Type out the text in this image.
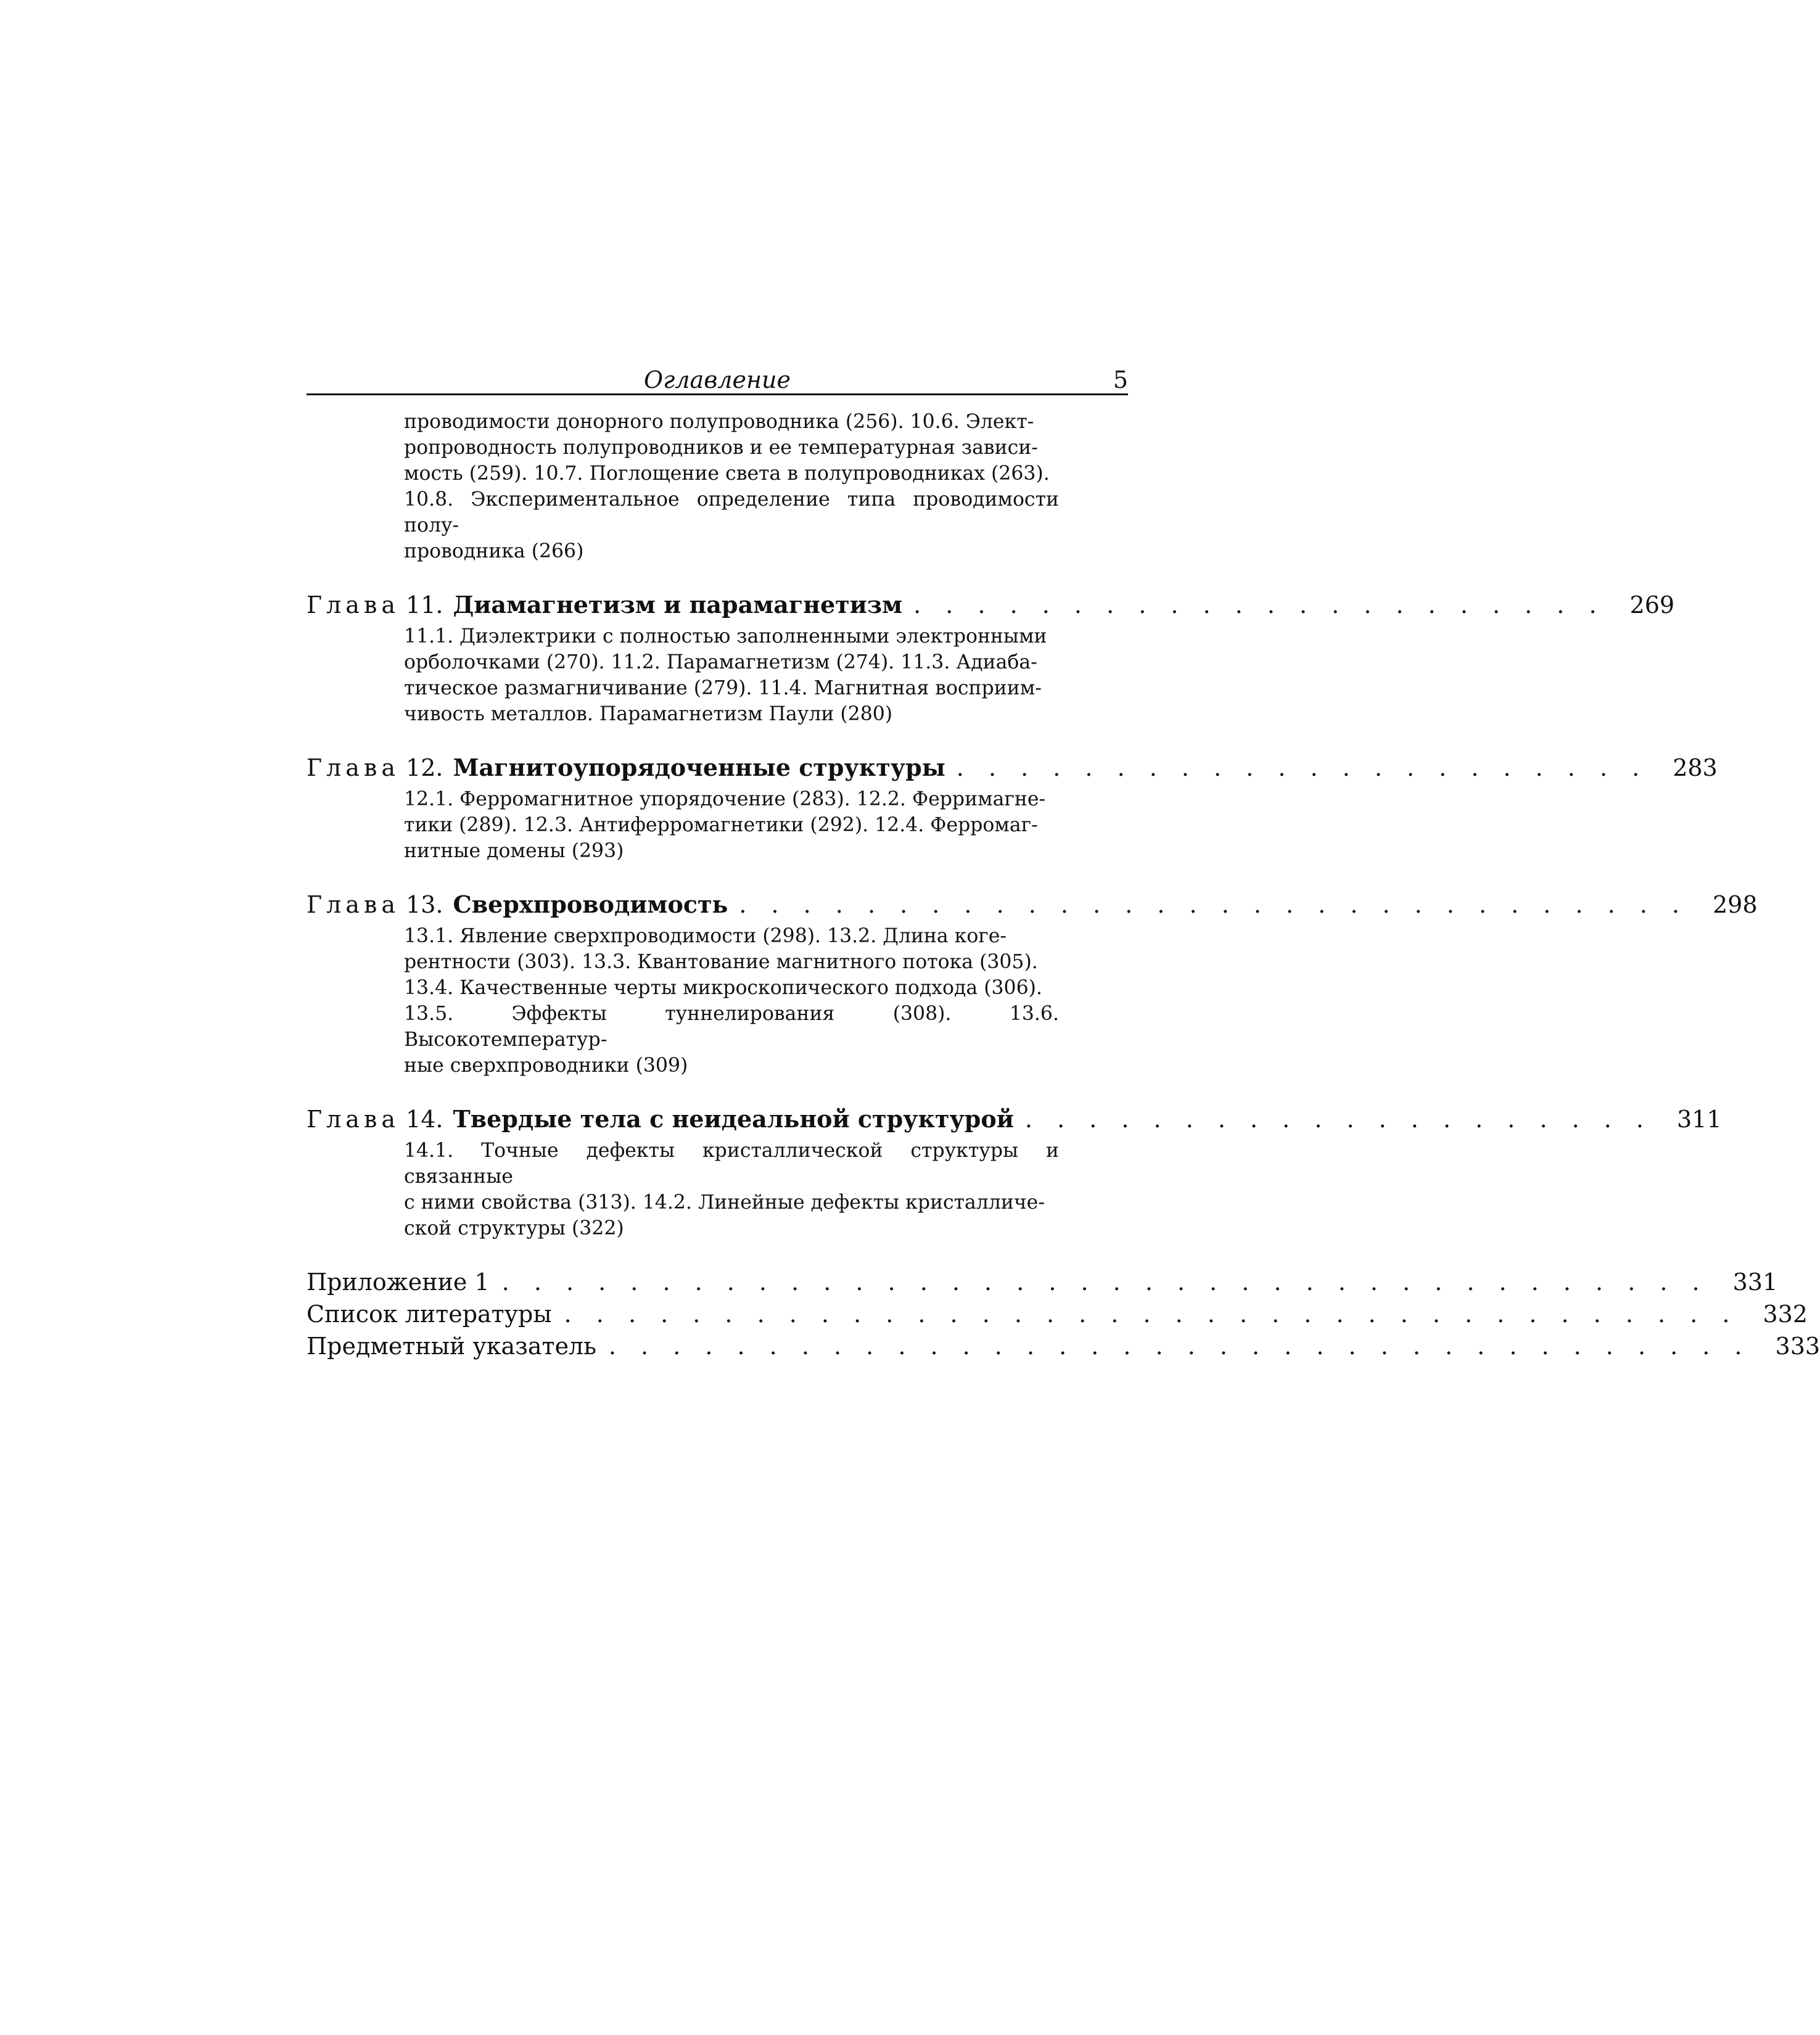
Оглавление	5
проводимости донорного полупроводника (256). 10.6. Элект-
ропроводность полупроводников и ее температурная зависи-
мость (259). 10.7. Поглощение света в полупроводниках (263).
10.8. Экспериментальное определение типа проводимости полу-
проводника (266)
Глава 11. Диамагнетизм и парамагнетизм . . . . . . . . . . . . . . . . . . . . . . 269
11.1. Диэлектрики с полностью заполненными электронными
орболочками (270). 11.2. Парамагнетизм (274). 11.3. Адиаба-
тическое размагничивание (279). 11.4. Магнитная восприим-
чивость металлов. Парамагнетизм Паули (280)
Глава 12. Магнитоупорядоченные структуры . . . . . . . . . . . . . . . . . . . . . . 283
12.1. Ферромагнитное упорядочение (283). 12.2. Ферримагне-
тики (289). 12.3. Антиферромагнетики (292). 12.4. Ферромаг-
нитные домены (293)
Глава 13. Сверхпроводимость . . . . . . . . . . . . . . . . . . . . . . . . . . . . . . 298
13.1. Явление сверхпроводимости (298). 13.2. Длина коге-
рентности (303). 13.3. Квантование магнитного потока (305).
13.4. Качественные черты микроскопического подхода (306).
13.5. Эффекты туннелирования (308). 13.6. Высокотемператур-
ные сверхпроводники (309)
Глава 14. Твердые тела с неидеальной структурой . . . . . . . . . . . . . . . . . . . . 311
14.1. Точные дефекты кристаллической структуры и связанные
с ними свойства (313). 14.2. Линейные дефекты кристалличе-
ской структуры (322)
Приложение 1 . . . . . . . . . . . . . . . . . . . . . . . . . . . . . . . . . . . . . . 331
Список литературы . . . . . . . . . . . . . . . . . . . . . . . . . . . . . . . . . . . . . 332
Предметный указатель . . . . . . . . . . . . . . . . . . . . . . . . . . . . . . . . . . . . 333
